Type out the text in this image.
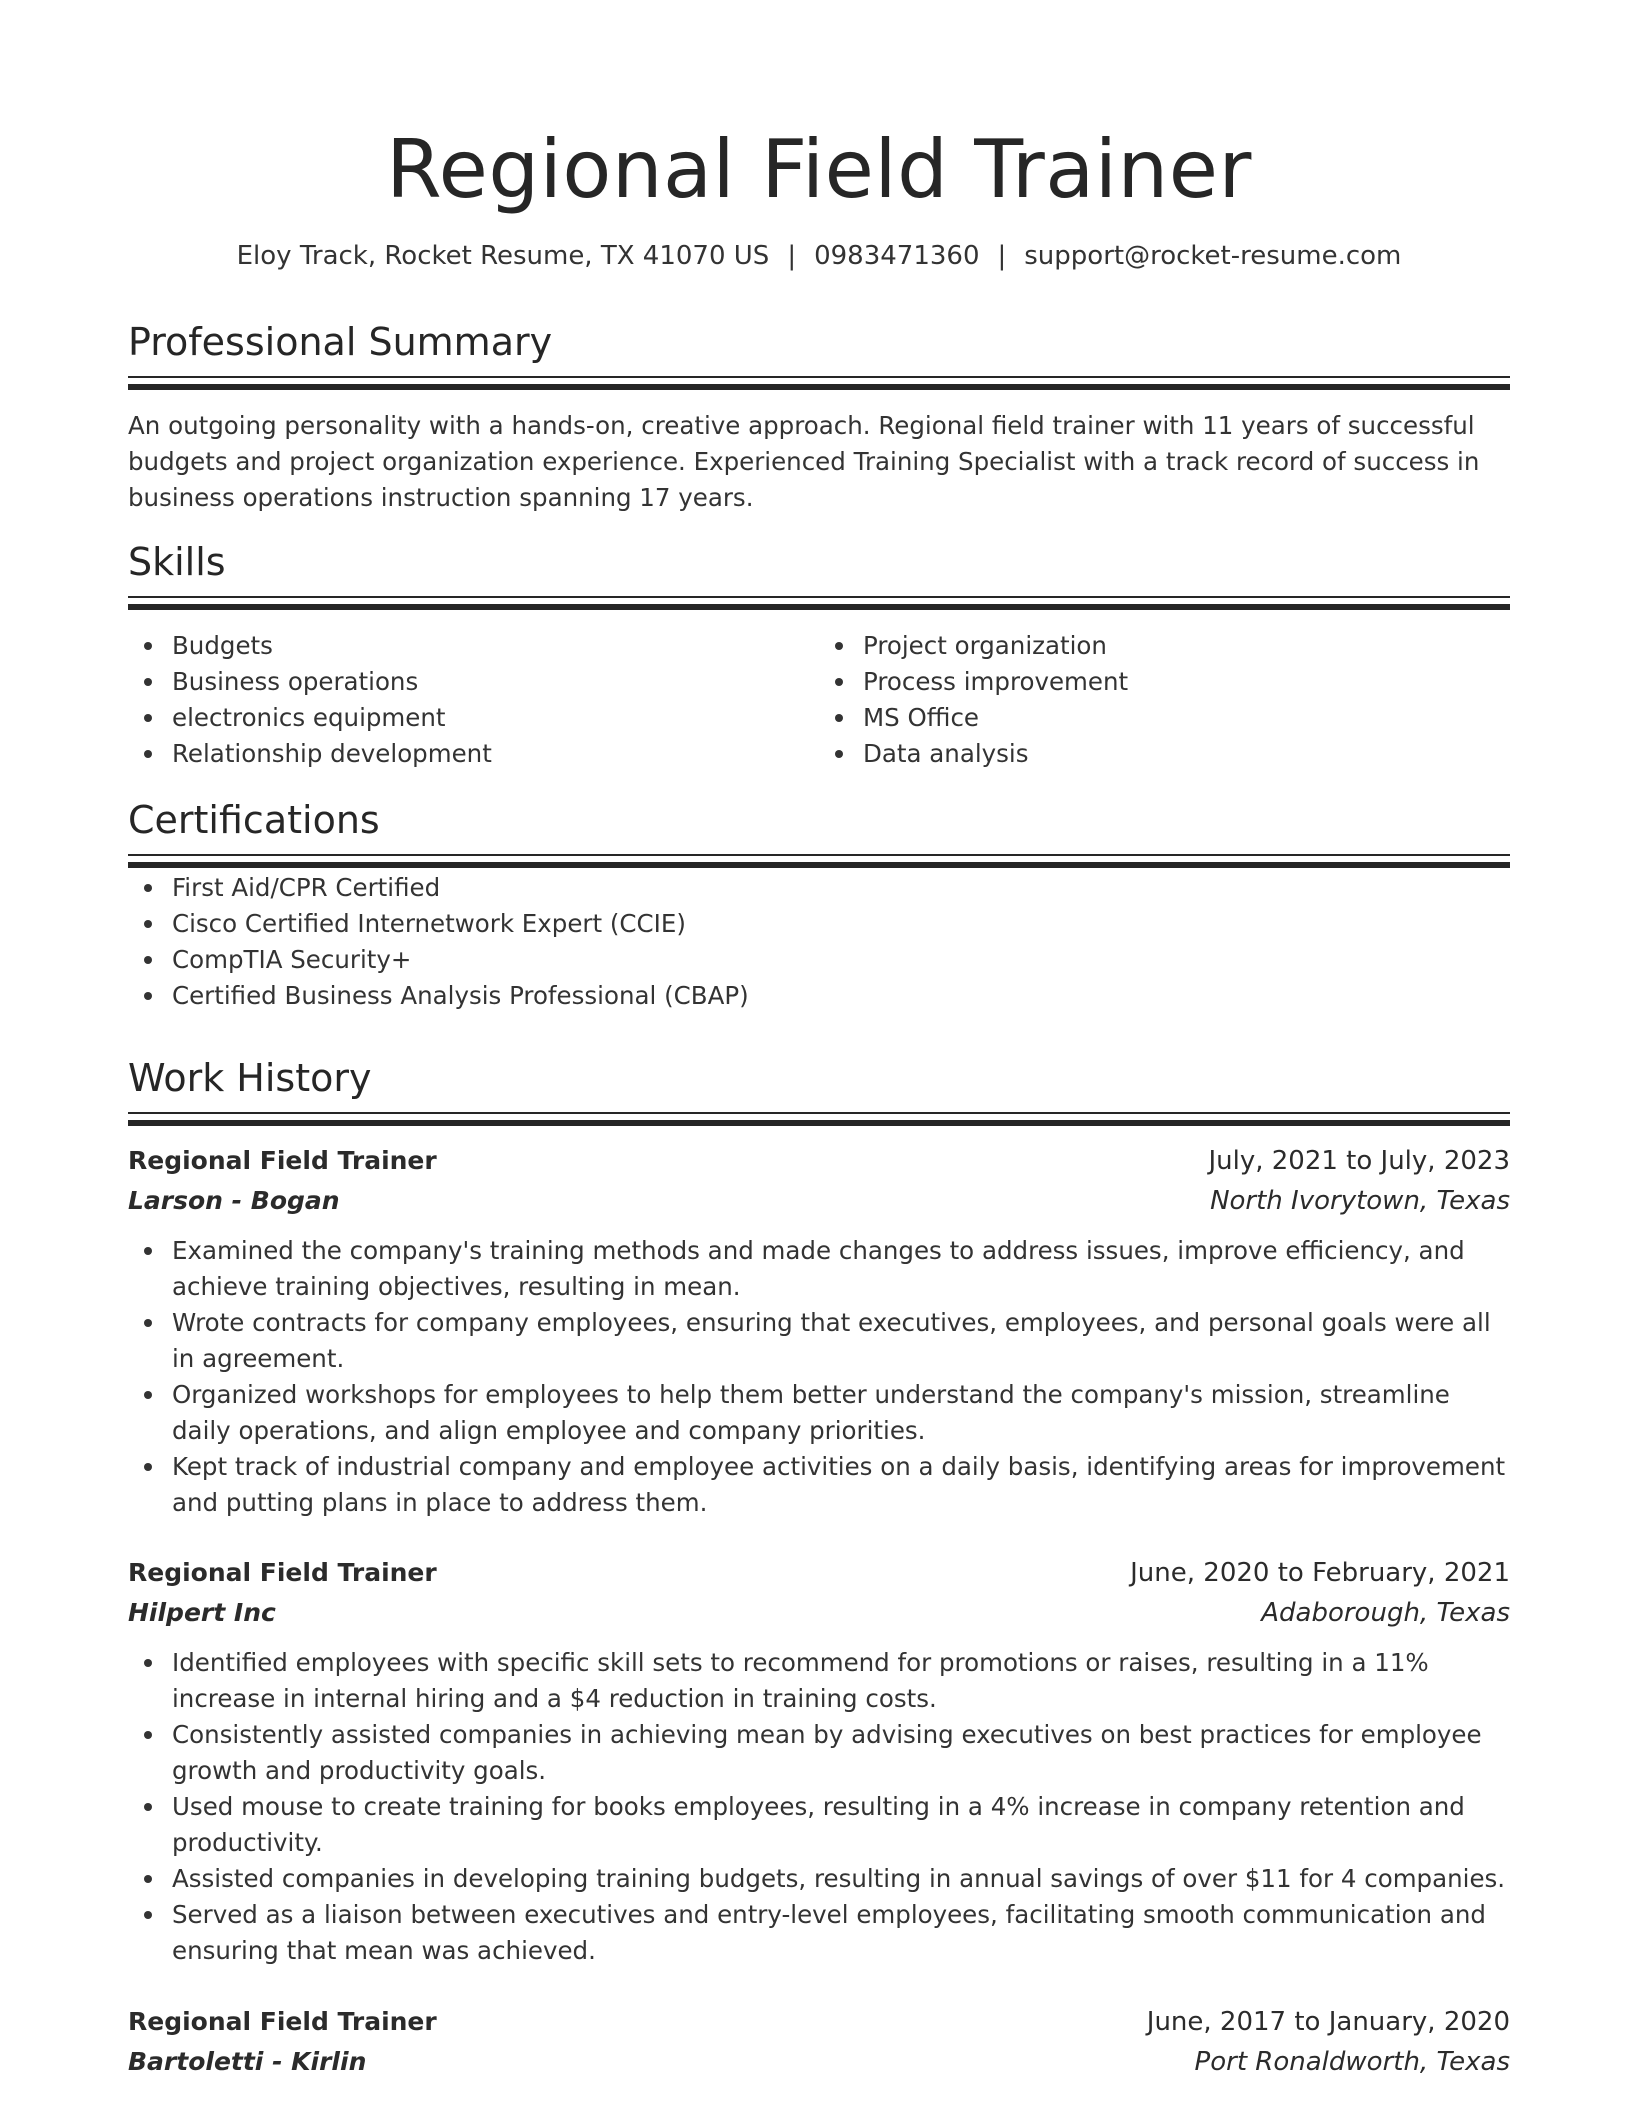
Regional Field Trainer
Eloy Track, Rocket Resume, TX 41070 US | 0983471360 | support@rocket-resume.com
Professional Summary
An outgoing personality with a hands-on, creative approach. Regional field trainer with 11 years of successful budgets and project organization experience. Experienced Training Specialist with a track record of success in business operations instruction spanning 17 years.
Skills
Budgets
Business operations
electronics equipment
Relationship development
Project organization
Process improvement
MS Office
Data analysis
Certifications
First Aid/CPR Certified
Cisco Certified Internetwork Expert (CCIE)
CompTIA Security+
Certified Business Analysis Professional (CBAP)
Work History
Regional Field Trainer	July, 2021 to July, 2023
Larson - Bogan	North Ivorytown, Texas
Examined the company's training methods and made changes to address issues, improve efficiency, and achieve training objectives, resulting in mean.
Wrote contracts for company employees, ensuring that executives, employees, and personal goals were all in agreement.
Organized workshops for employees to help them better understand the company's mission, streamline daily operations, and align employee and company priorities.
Kept track of industrial company and employee activities on a daily basis, identifying areas for improvement and putting plans in place to address them.
Regional Field Trainer	June, 2020 to February, 2021
Hilpert Inc	Adaborough, Texas
Identified employees with specific skill sets to recommend for promotions or raises, resulting in a 11% increase in internal hiring and a $4 reduction in training costs.
Consistently assisted companies in achieving mean by advising executives on best practices for employee growth and productivity goals.
Used mouse to create training for books employees, resulting in a 4% increase in company retention and productivity.
Assisted companies in developing training budgets, resulting in annual savings of over $11 for 4 companies.
Served as a liaison between executives and entry-level employees, facilitating smooth communication and ensuring that mean was achieved.
Regional Field Trainer	June, 2017 to January, 2020
Bartoletti - Kirlin	Port Ronaldworth, Texas
